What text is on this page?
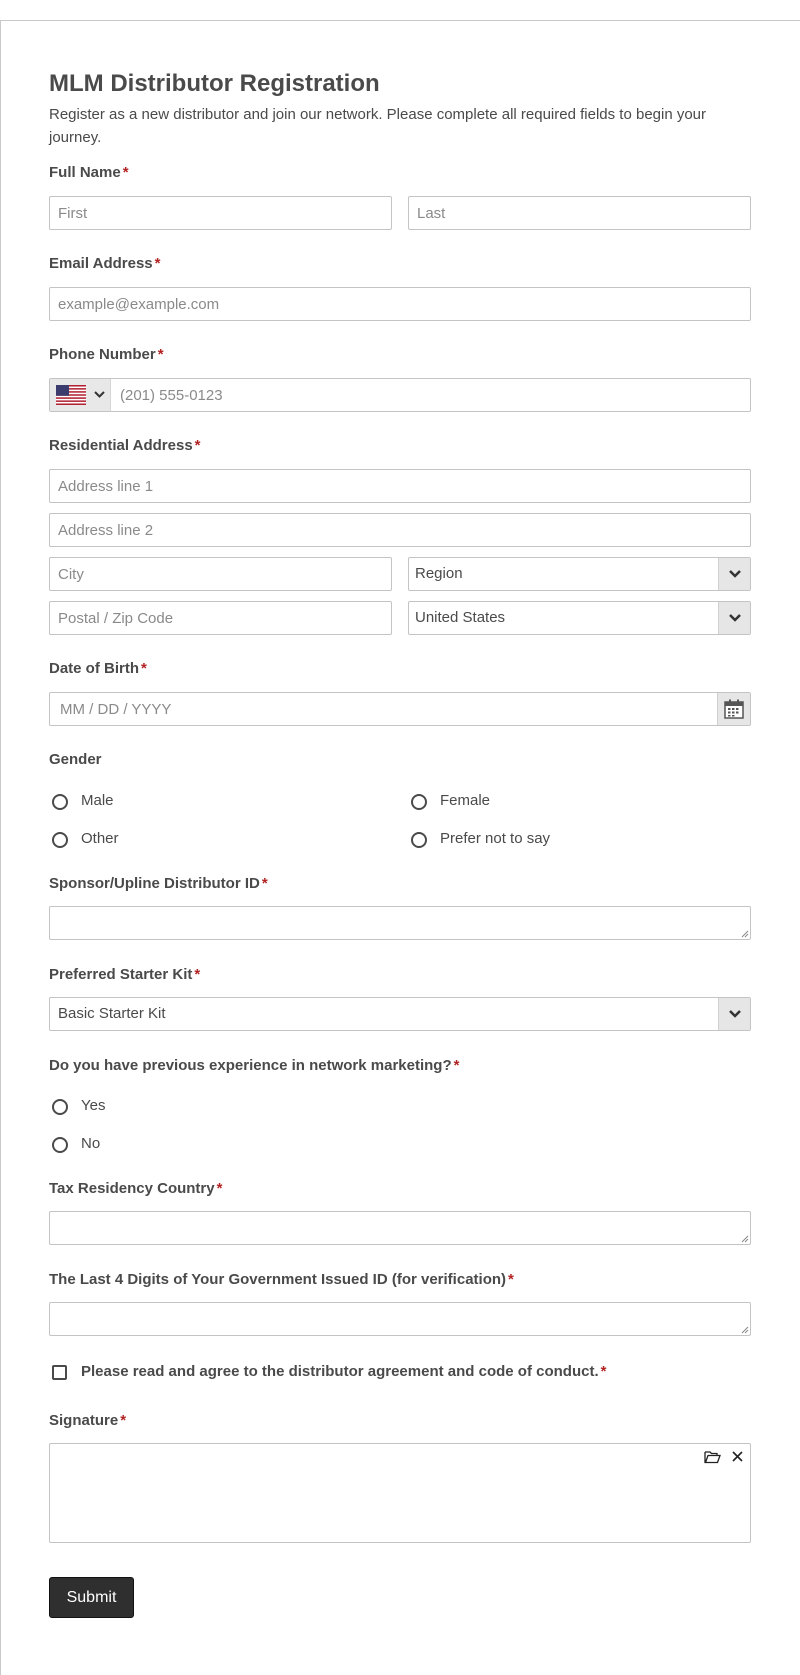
MLM Distributor Registration

Register as a new distributor and join our network. Please complete all required fields to begin your journey.

Full Name *
First
Last
Email Address *
example@example.com
Phone Number *
(201) 555-0123
Residential Address *
Address line 1
Address line 2
City
Region
Postal / Zip Code
United States
Date of Birth *
MM / DD / YYYY
Gender
Male	Female
Other	Prefer not to say
Sponsor/Upline Distributor ID *
Preferred Starter Kit *
Basic Starter Kit
Do you have previous experience in network marketing? *
Yes
No
Tax Residency Country *
The Last 4 Digits of Your Government Issued ID (for verification) *
Please read and agree to the distributor agreement and code of conduct. *
Signature *
Submit
